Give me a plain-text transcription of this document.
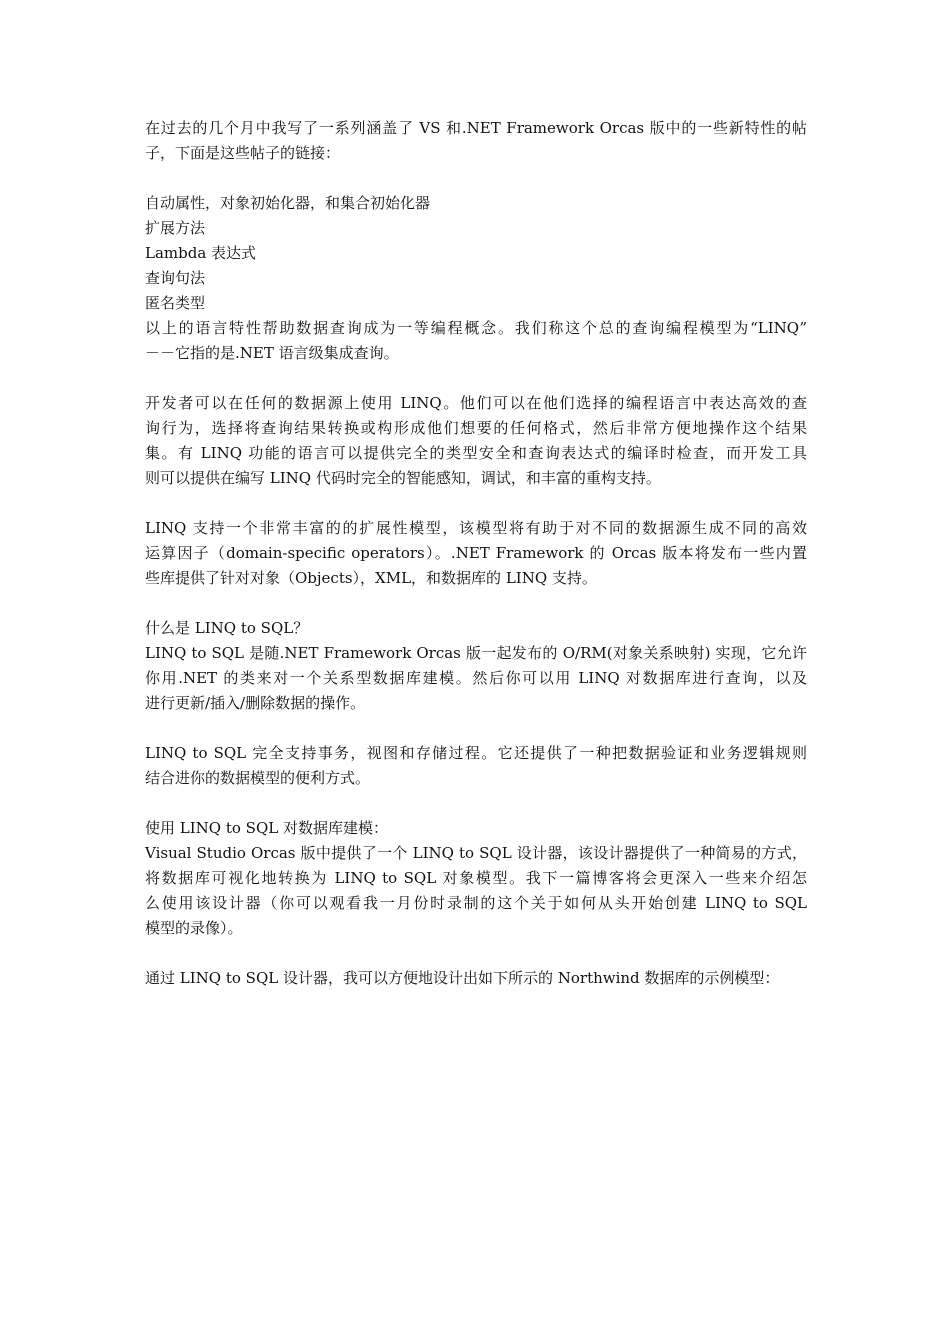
在过去的几个月中我写了一系列涵盖了 VS 和.NET Framework Orcas 版中的一些新特性的帖
子，下面是这些帖子的链接：
自动属性，对象初始化器，和集合初始化器
扩展方法
Lambda 表达式
查询句法
匿名类型
以上的语言特性帮助数据查询成为一等编程概念。我们称这个总的查询编程模型为“LINQ”
－－它指的是.NET 语言级集成查询。
开发者可以在任何的数据源上使用 LINQ。他们可以在他们选择的编程语言中表达高效的查
询行为，选择将查询结果转换或构形成他们想要的任何格式，然后非常方便地操作这个结果
集。有 LINQ 功能的语言可以提供完全的类型安全和查询表达式的编译时检查，而开发工具
则可以提供在编写 LINQ 代码时完全的智能感知，调试，和丰富的重构支持。
LINQ 支持一个非常丰富的的扩展性模型，该模型将有助于对不同的数据源生成不同的高效
运算因子（domain-specific operators）。.NET Framework 的 Orcas 版本将发布一些内置
些库提供了针对对象（Objects），XML，和数据库的 LINQ 支持。
什么是 LINQ to SQL？
LINQ to SQL 是随.NET Framework Orcas 版一起发布的 O/RM(对象关系映射) 实现，它允许
你用.NET 的类来对一个关系型数据库建模。然后你可以用 LINQ 对数据库进行查询，以及
进行更新/插入/删除数据的操作。
LINQ to SQL 完全支持事务，视图和存储过程。它还提供了一种把数据验证和业务逻辑规则
结合进你的数据模型的便利方式。
使用 LINQ to SQL 对数据库建模：
Visual Studio Orcas 版中提供了一个 LINQ to SQL 设计器，该设计器提供了一种简易的方式，
将数据库可视化地转换为 LINQ to SQL 对象模型。我下一篇博客将会更深入一些来介绍怎
么使用该设计器（你可以观看我一月份时录制的这个关于如何从头开始创建 LINQ to SQL
模型的录像）。
通过 LINQ to SQL 设计器，我可以方便地设计出如下所示的 Northwind 数据库的示例模型：
